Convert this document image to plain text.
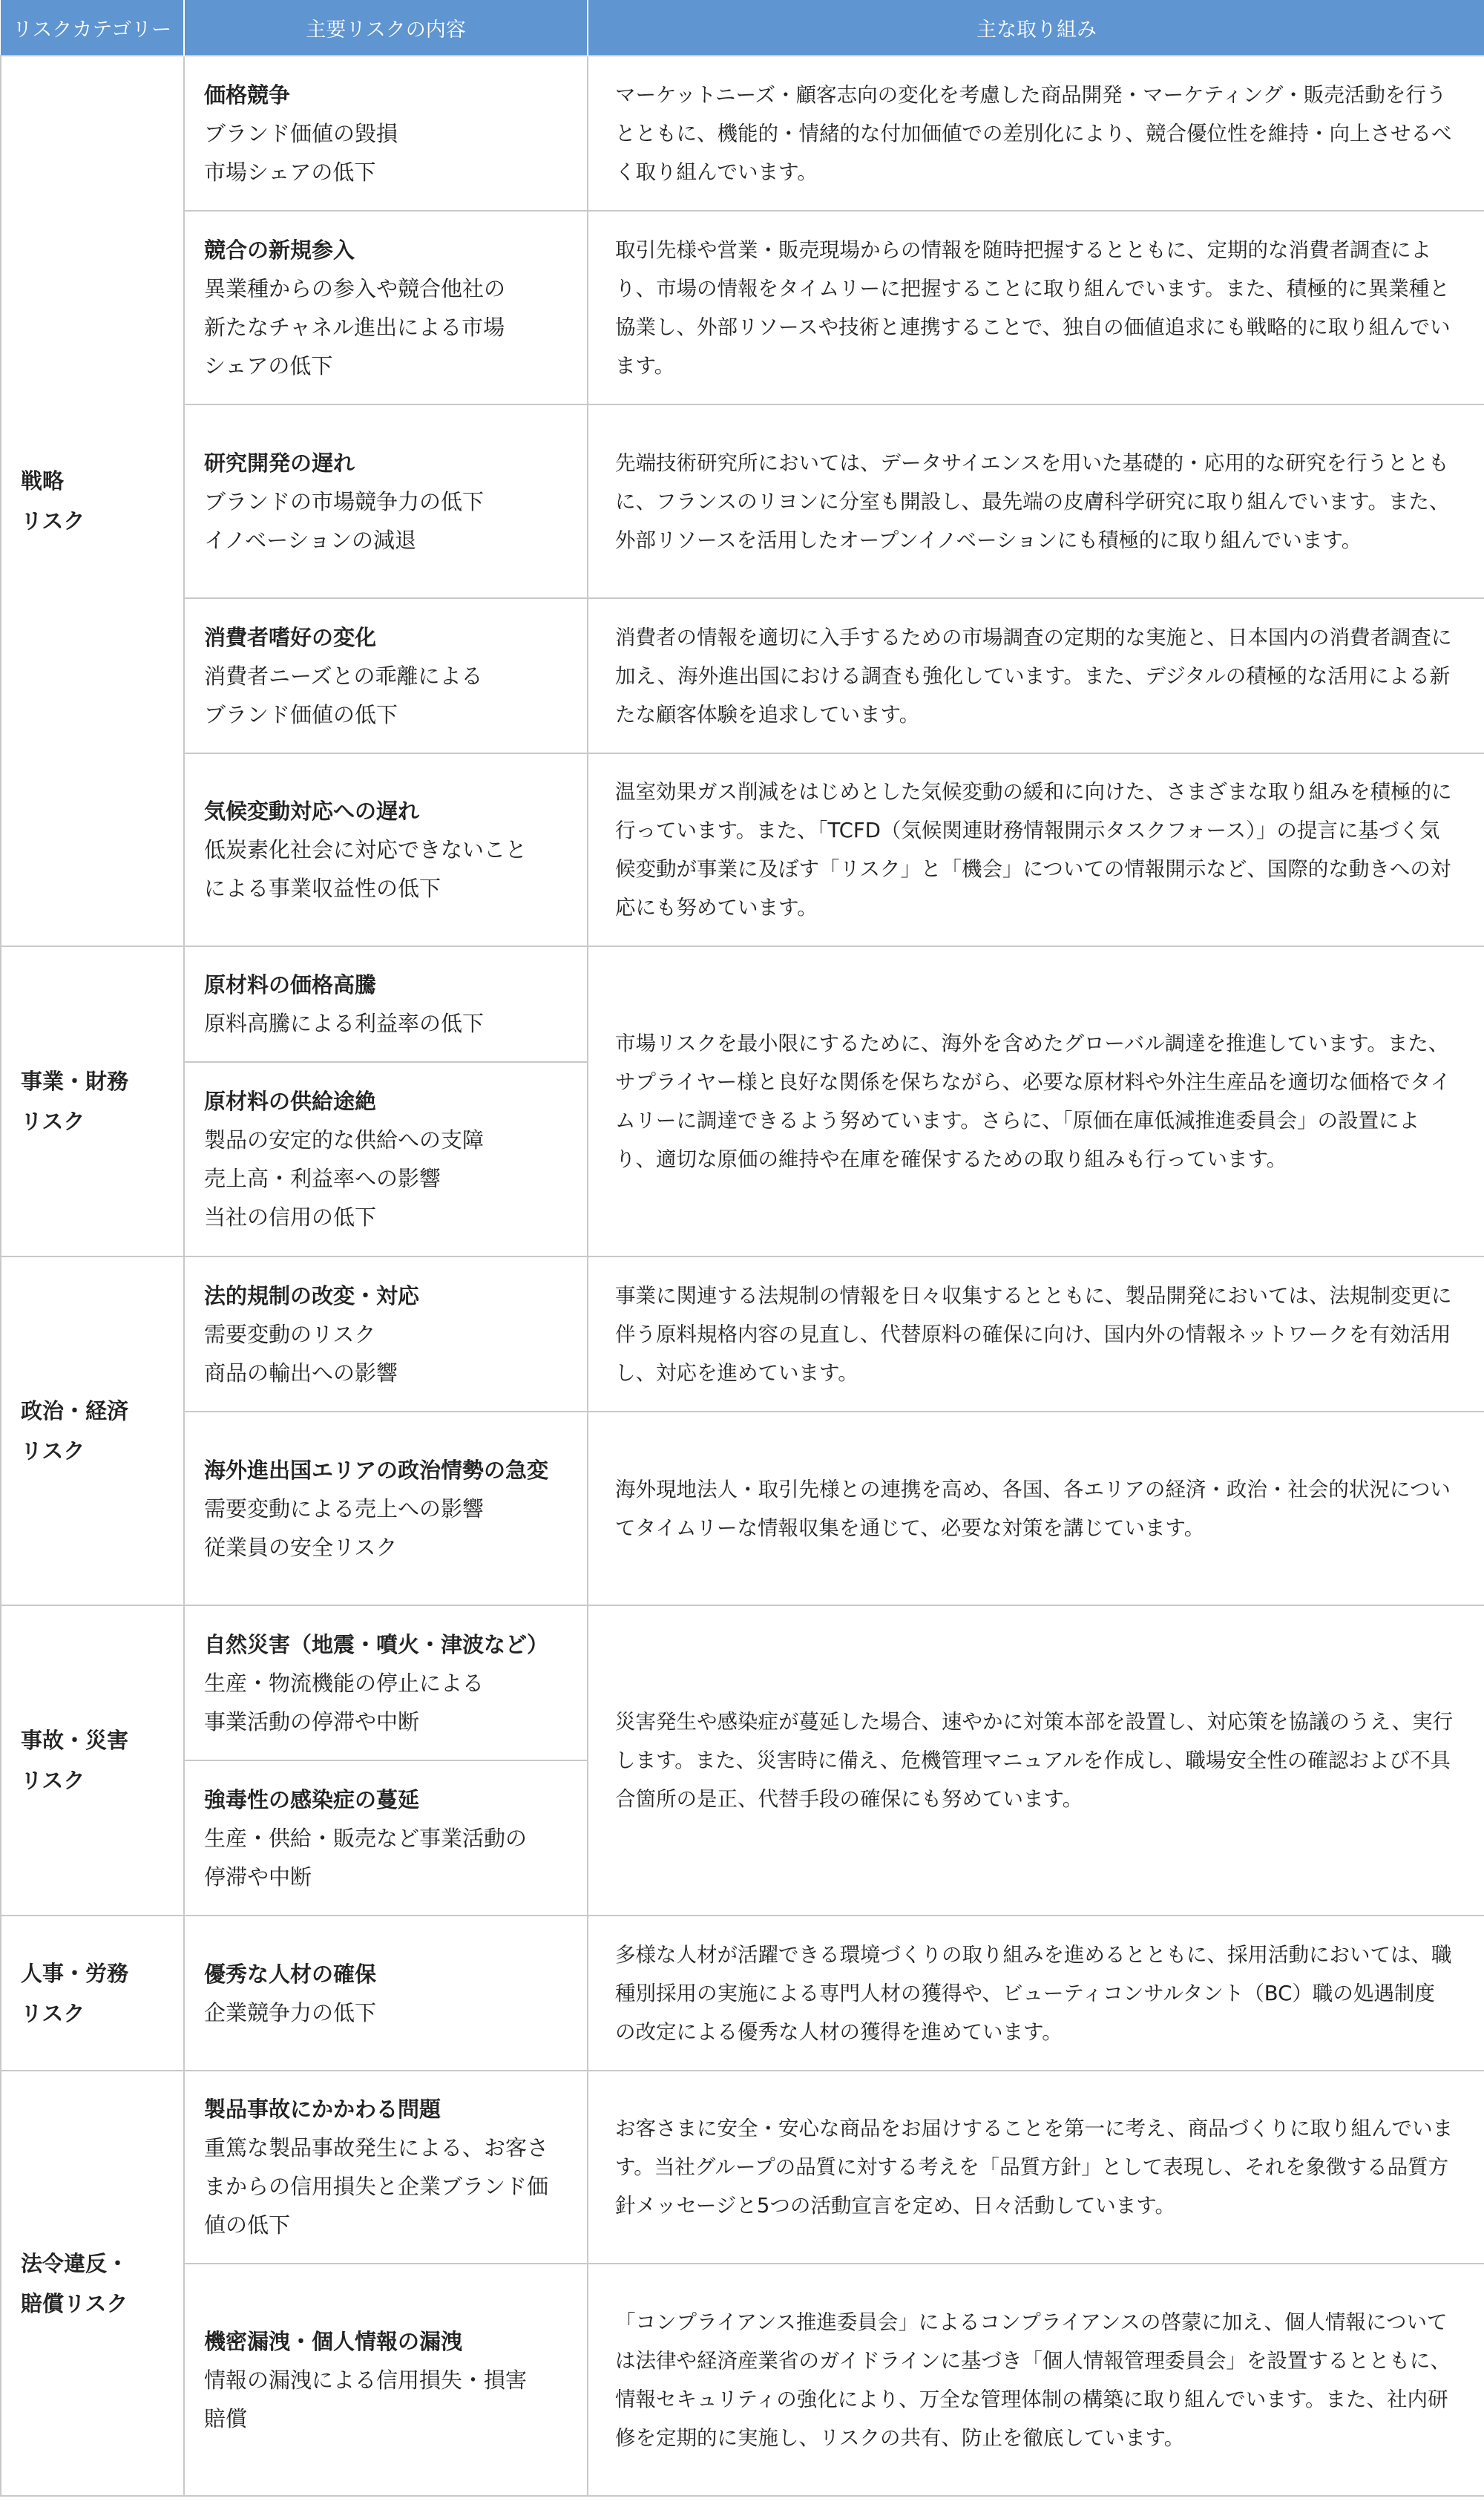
リスクカテゴリー	主要リスクの内容	主な取り組み

戦略
リスク	価格競争
ブランド価値の毀損
市場シェアの低下	マーケットニーズ・顧客志向の変化を考慮した商品開発・マーケティング・販売活動を行うとともに、機能的・情緒的な付加価値での差別化により、競合優位性を維持・向上させるべく取り組んでいます。

	競合の新規参入
異業種からの参入や競合他社の
新たなチャネル進出による市場
シェアの低下	取引先様や営業・販売現場からの情報を随時把握するとともに、定期的な消費者調査により、市場の情報をタイムリーに把握することに取り組んでいます。また、積極的に異業種と協業し、外部リソースや技術と連携することで、独自の価値追求にも戦略的に取り組んでいます。

	研究開発の遅れ
ブランドの市場競争力の低下
イノベーションの減退	先端技術研究所においては、データサイエンスを用いた基礎的・応用的な研究を行うとともに、フランスのリヨンに分室も開設し、最先端の皮膚科学研究に取り組んでいます。また、外部リソースを活用したオープンイノベーションにも積極的に取り組んでいます。

	消費者嗜好の変化
消費者ニーズとの乖離による
ブランド価値の低下	消費者の情報を適切に入手するための市場調査の定期的な実施と、日本国内の消費者調査に加え、海外進出国における調査も強化しています。また、デジタルの積極的な活用による新たな顧客体験を追求しています。

	気候変動対応への遅れ
低炭素化社会に対応できないこと
による事業収益性の低下	温室効果ガス削減をはじめとした気候変動の緩和に向けた、さまざまな取り組みを積極的に行っています。また、「TCFD（気候関連財務情報開示タスクフォース）」の提言に基づく気候変動が事業に及ぼす「リスク」と「機会」についての情報開示など、国際的な動きへの対応にも努めています。

事業・財務
リスク	原材料の価格高騰
原料高騰による利益率の低下	市場リスクを最小限にするために、海外を含めたグローバル調達を推進しています。また、サプライヤー様と良好な関係を保ちながら、必要な原材料や外注生産品を適切な価格でタイムリーに調達できるよう努めています。さらに、「原価在庫低減推進委員会」の設置により、適切な原価の維持や在庫を確保するための取り組みも行っています。

	原材料の供給途絶
製品の安定的な供給への支障
売上高・利益率への影響
当社の信用の低下	

政治・経済
リスク	法的規制の改変・対応
需要変動のリスク
商品の輸出への影響	事業に関連する法規制の情報を日々収集するとともに、製品開発においては、法規制変更に伴う原料規格内容の見直し、代替原料の確保に向け、国内外の情報ネットワークを有効活用し、対応を進めています。

	海外進出国エリアの政治情勢の急変
需要変動による売上への影響
従業員の安全リスク	海外現地法人・取引先様との連携を高め、各国、各エリアの経済・政治・社会的状況についてタイムリーな情報収集を通じて、必要な対策を講じています。

事故・災害
リスク	自然災害（地震・噴火・津波など）
生産・物流機能の停止による
事業活動の停滞や中断	災害発生や感染症が蔓延した場合、速やかに対策本部を設置し、対応策を協議のうえ、実行します。また、災害時に備え、危機管理マニュアルを作成し、職場安全性の確認および不具合箇所の是正、代替手段の確保にも努めています。

	強毒性の感染症の蔓延
生産・供給・販売など事業活動の
停滞や中断	

人事・労務
リスク	優秀な人材の確保
企業競争力の低下	多様な人材が活躍できる環境づくりの取り組みを進めるとともに、採用活動においては、職種別採用の実施による専門人材の獲得や、ビューティコンサルタント（BC）職の処遇制度の改定による優秀な人材の獲得を進めています。

法令違反・
賠償リスク	製品事故にかかわる問題
重篤な製品事故発生による、お客さ
まからの信用損失と企業ブランド価
値の低下	お客さまに安全・安心な商品をお届けすることを第一に考え、商品づくりに取り組んでいます。当社グループの品質に対する考えを「品質方針」として表現し、それを象徴する品質方針メッセージと5つの活動宣言を定め、日々活動しています。

	機密漏洩・個人情報の漏洩
情報の漏洩による信用損失・損害
賠償	「コンプライアンス推進委員会」によるコンプライアンスの啓蒙に加え、個人情報については法律や経済産業省のガイドラインに基づき「個人情報管理委員会」を設置するとともに、情報セキュリティの強化により、万全な管理体制の構築に取り組んでいます。また、社内研修を定期的に実施し、リスクの共有、防止を徹底しています。
